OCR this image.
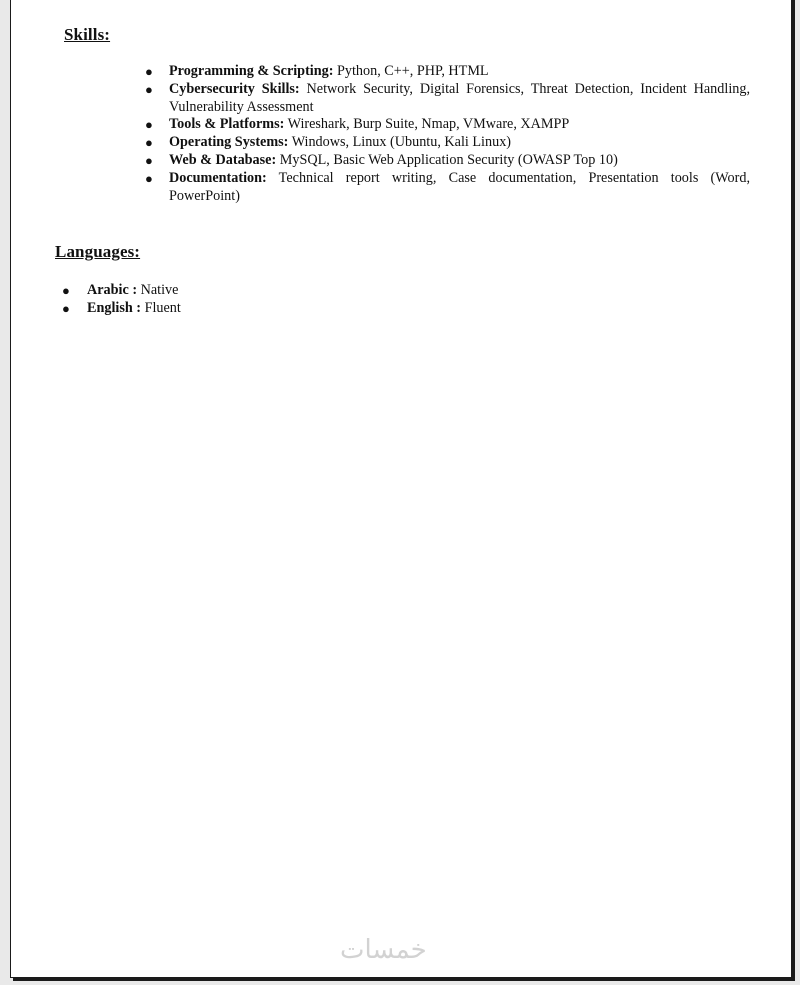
Skills:
● Programming & Scripting: Python, C++, PHP, HTML
● Cybersecurity Skills: Network Security, Digital Forensics, Threat Detection, Incident Handling, Vulnerability Assessment
● Tools & Platforms: Wireshark, Burp Suite, Nmap, VMware, XAMPP
● Operating Systems: Windows, Linux (Ubuntu, Kali Linux)
● Web & Database: MySQL, Basic Web Application Security (OWASP Top 10)
● Documentation: Technical report writing, Case documentation, Presentation tools (Word, PowerPoint)
Languages:
● Arabic : Native
● English : Fluent
خمسات
